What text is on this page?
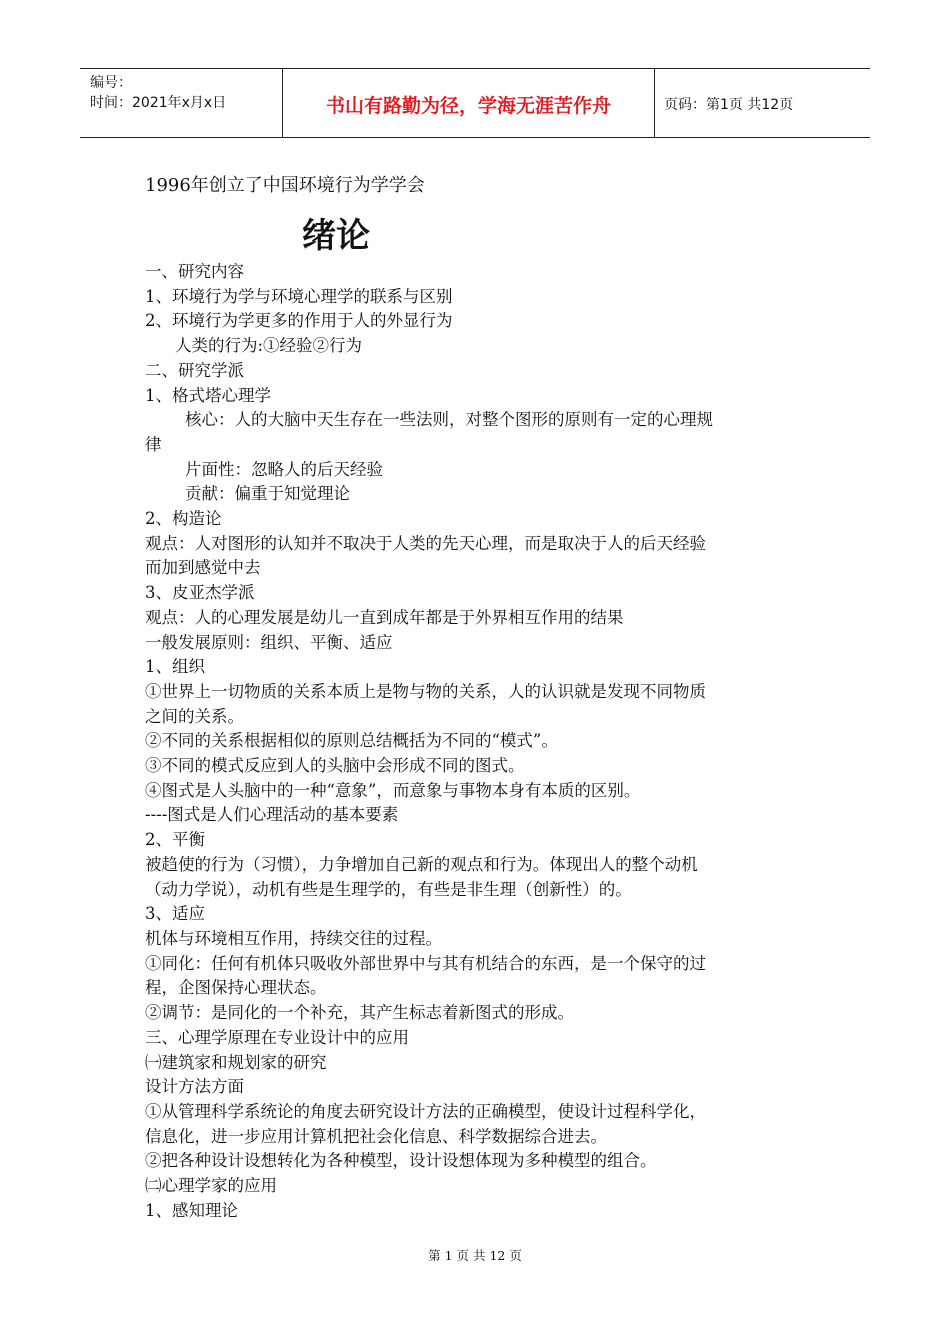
编号：
时间：2021年x月x日	书山有路勤为径，学海无涯苦作舟	页码：第1页 共12页
1996年创立了中国环境行为学学会
绪论
一、研究内容
1、环境行为学与环境心理学的联系与区别
2、环境行为学更多的作用于人的外显行为
人类的行为:①经验②行为
二、研究学派
1、格式塔心理学
核心：人的大脑中天生存在一些法则，对整个图形的原则有一定的心理规
律
片面性：忽略人的后天经验
贡献：偏重于知觉理论
2、构造论
观点：人对图形的认知并不取决于人类的先天心理，而是取决于人的后天经验
而加到感觉中去
3、皮亚杰学派
观点：人的心理发展是幼儿一直到成年都是于外界相互作用的结果
一般发展原则：组织、平衡、适应
1、组织
①世界上一切物质的关系本质上是物与物的关系，人的认识就是发现不同物质
之间的关系。
②不同的关系根据相似的原则总结概括为不同的“模式”。
③不同的模式反应到人的头脑中会形成不同的图式。
④图式是人头脑中的一种“意象”，而意象与事物本身有本质的区别。
----图式是人们心理活动的基本要素
2、平衡
被趋使的行为（习惯），力争增加自己新的观点和行为。体现出人的整个动机
（动力学说），动机有些是生理学的，有些是非生理（创新性）的。
3、适应
机体与环境相互作用，持续交往的过程。
①同化：任何有机体只吸收外部世界中与其有机结合的东西，是一个保守的过
程，企图保持心理状态。
②调节：是同化的一个补充，其产生标志着新图式的形成。
三、心理学原理在专业设计中的应用
㈠建筑家和规划家的研究
设计方法方面
①从管理科学系统论的角度去研究设计方法的正确模型，使设计过程科学化，
信息化，进一步应用计算机把社会化信息、科学数据综合进去。
②把各种设计设想转化为各种模型，设计设想体现为多种模型的组合。
㈡心理学家的应用
1、感知理论
第 1 页 共 12 页
